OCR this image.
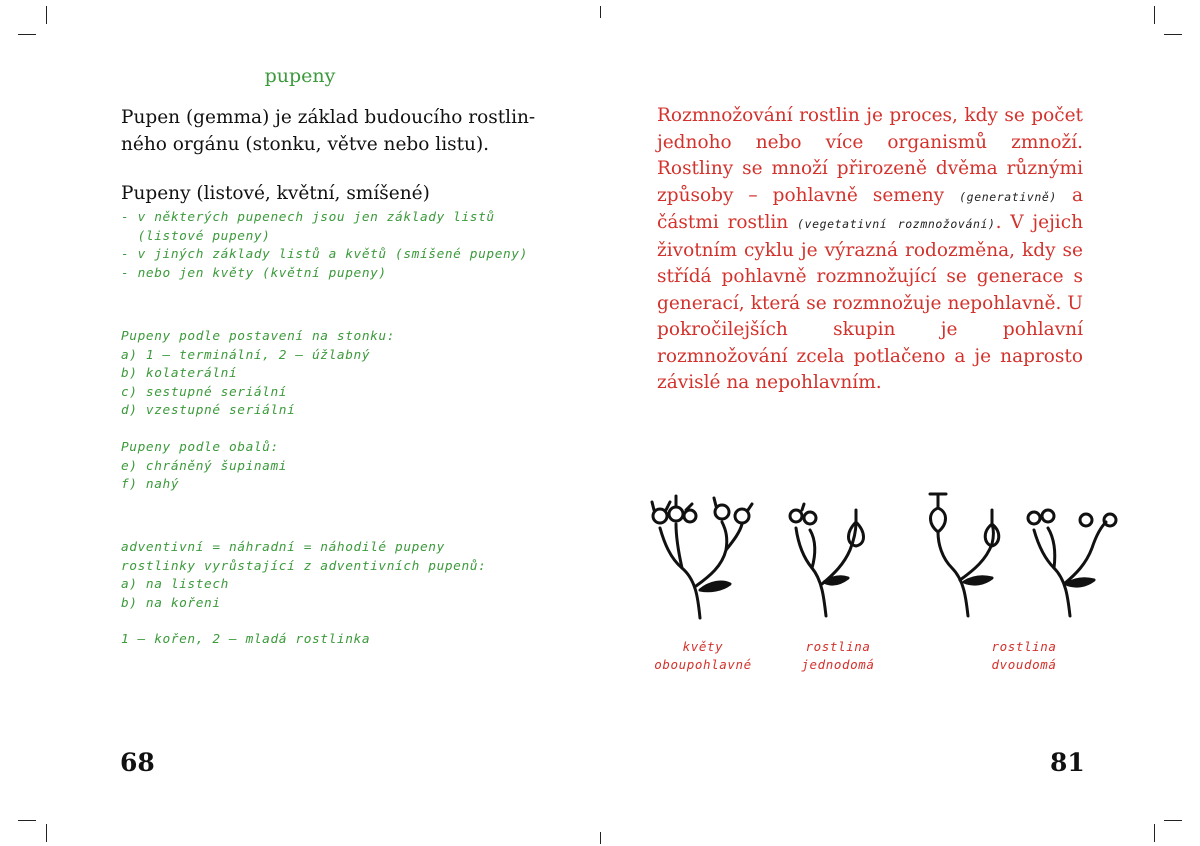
pupeny
Pupen (gemma) je základ budoucího rostlin-
ného orgánu (stonku, větve nebo listu).
Pupeny (listové, květní, smíšené)
- v některých pupenech jsou jen základy listů
(listové pupeny)
- v jiných základy listů a květů (smíšené pupeny)
- nebo jen květy (květní pupeny)
Pupeny podle postavení na stonku:
a) 1 – terminální, 2 – úžlabný
b) kolaterální
c) sestupné seriální
d) vzestupné seriální
Pupeny podle obalů:
e) chráněný šupinami
f) nahý
adventivní = náhradní = náhodilé pupeny
rostlinky vyrůstající z adventivních pupenů:
a) na listech
b) na kořeni
1 – kořen, 2 – mladá rostlinka
68
Rozmnožování rostlin je proces, kdy se počet jednoho nebo více organismů zmnoží. Rostliny se množí přirozeně dvěma různými způsoby – pohlavně semeny (generativně) a částmi rostlin (vegetativní rozmnožování). V jejich životním cyklu je výrazná rodozměna, kdy se střídá pohlavně rozmnožující se generace s generací, která se rozmnožuje nepohlavně. U pokročilejších skupin je pohlavní rozmnožování zcela potlačeno a je naprosto závislé na nepohlavním.
květy
oboupohlavné
rostlina
jednodomá
rostlina
dvoudomá
81
